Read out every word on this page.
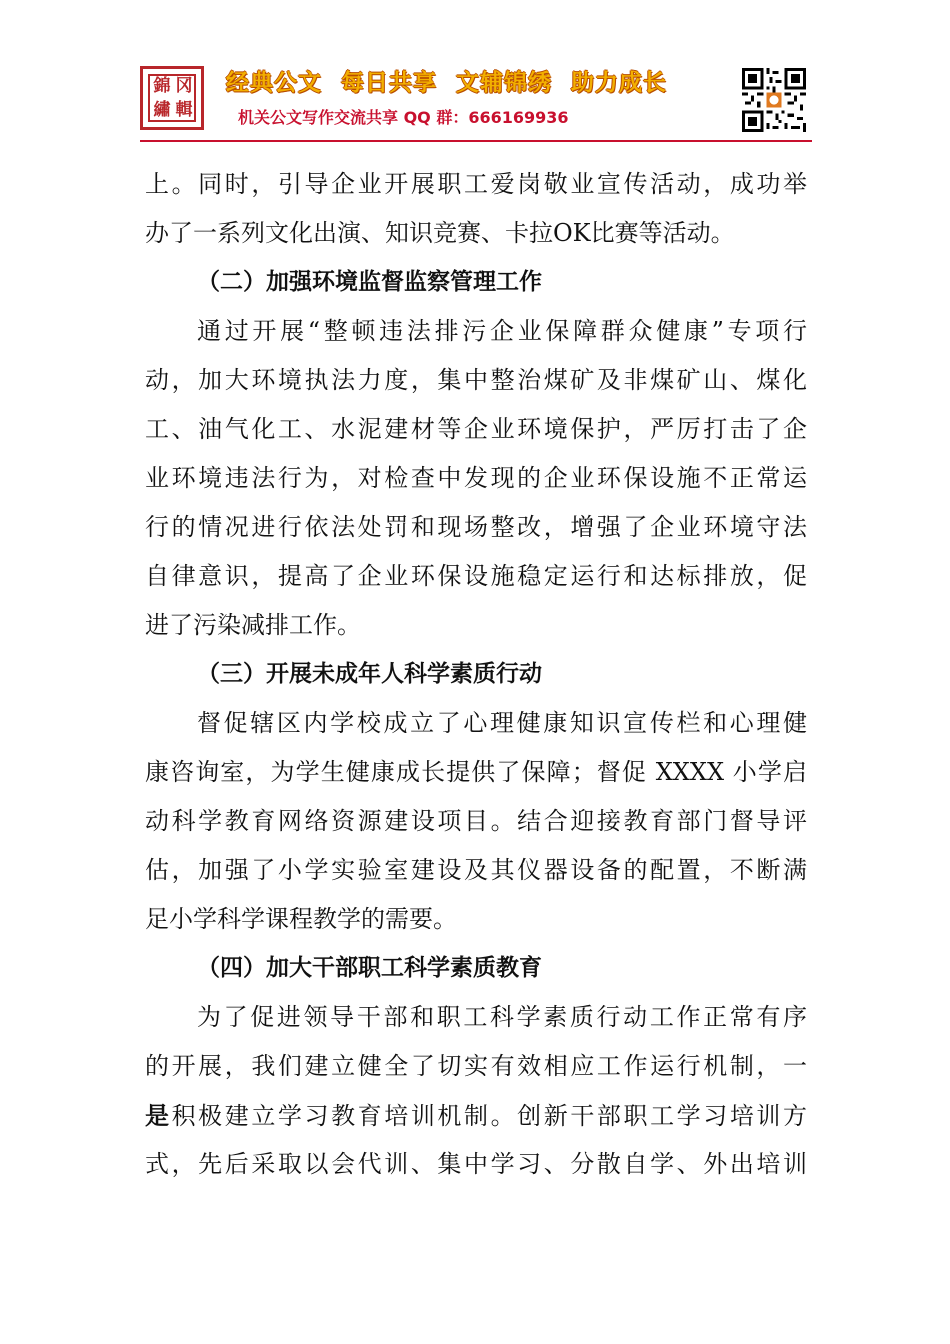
錦 冈
繡 輯
经典公文 每日共享 文辅锦绣 助力成长
机关公文写作交流共享 QQ 群：666169936
上。同时，引导企业开展职工爱岗敬业宣传活动，成功举
办了一系列文化出演、知识竞赛、卡拉OK比赛等活动。
（二）加强环境监督监察管理工作
通过开展“整顿违法排污企业保障群众健康”专项行
动，加大环境执法力度，集中整治煤矿及非煤矿山、煤化
工、油气化工、水泥建材等企业环境保护，严厉打击了企
业环境违法行为，对检查中发现的企业环保设施不正常运
行的情况进行依法处罚和现场整改，增强了企业环境守法
自律意识，提高了企业环保设施稳定运行和达标排放，促
进了污染减排工作。
（三）开展未成年人科学素质行动
督促辖区内学校成立了心理健康知识宣传栏和心理健
康咨询室，为学生健康成长提供了保障；督促 XXXX 小学启
动科学教育网络资源建设项目。结合迎接教育部门督导评
估，加强了小学实验室建设及其仪器设备的配置，不断满
足小学科学课程教学的需要。
（四）加大干部职工科学素质教育
为了促进领导干部和职工科学素质行动工作正常有序
的开展，我们建立健全了切实有效相应工作运行机制，一
是积极建立学习教育培训机制。创新干部职工学习培训方
式，先后采取以会代训、集中学习、分散自学、外出培训
